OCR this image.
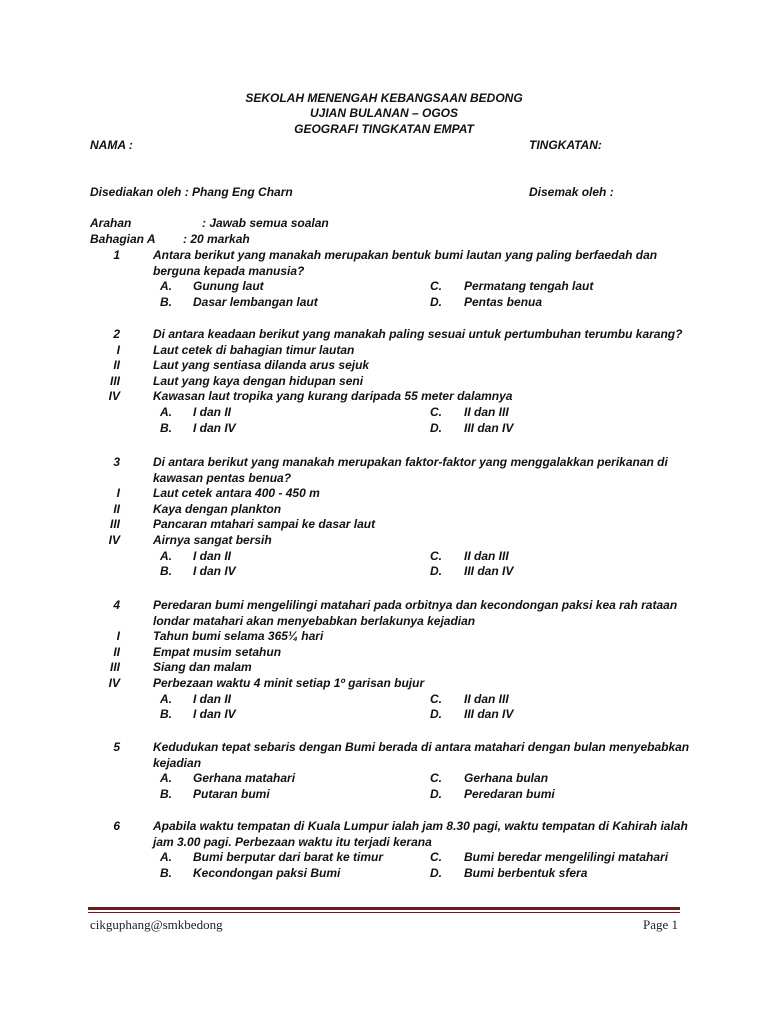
SEKOLAH MENENGAH KEBANGSAAN BEDONG
UJIAN BULANAN – OGOS
GEOGRAFI TINGKATAN EMPAT
NAMA :	TINGKATAN:
Disediakan oleh : Phang Eng Charn	Disemak oleh :
Arahan	: Jawab semua soalan
Bahagian A : 20 markah
1	Antara berikut yang manakah merupakan bentuk bumi lautan yang paling berfaedah dan
berguna kepada manusia?
A. Gunung laut
B. Dasar lembangan laut
C. Permatang tengah laut
D. Pentas benua
2	Di antara keadaan berikut yang manakah paling sesuai untuk pertumbuhan terumbu karang?
I	Laut cetek di bahagian timur lautan
II	Laut yang sentiasa dilanda arus sejuk
III	Laut yang kaya dengan hidupan seni
IV	Kawasan laut tropika yang kurang daripada 55 meter dalamnya
A. I dan II
B. I dan IV
C. II dan III
D. III dan IV
3	Di antara berikut yang manakah merupakan faktor-faktor yang menggalakkan perikanan di
kawasan pentas benua?
I	Laut cetek antara 400 - 450 m
II	Kaya dengan plankton
III	Pancaran mtahari sampai ke dasar laut
IV	Airnya sangat bersih
A. I dan II
B. I dan IV
C. II dan III
D. III dan IV
4	Peredaran bumi mengelilingi matahari pada orbitnya dan kecondongan paksi kea rah rataan
londar matahari akan menyebabkan berlakunya kejadian
I	Tahun bumi selama 365¼ hari
II	Empat musim setahun
III	Siang dan malam
IV	Perbezaan waktu 4 minit setiap 1º garisan bujur
A. I dan II
B. I dan IV
C. II dan III
D. III dan IV
5	Kedudukan tepat sebaris dengan Bumi berada di antara matahari dengan bulan menyebabkan
kejadian
A. Gerhana matahari
B. Putaran bumi
C. Gerhana bulan
D. Peredaran bumi
6	Apabila waktu tempatan di Kuala Lumpur ialah jam 8.30 pagi, waktu tempatan di Kahirah ialah
jam 3.00 pagi. Perbezaan waktu itu terjadi kerana
A. Bumi berputar dari barat ke timur
B. Kecondongan paksi Bumi
C. Bumi beredar mengelilingi matahari
D. Bumi berbentuk sfera
cikguphang@smkbedong	Page 1
